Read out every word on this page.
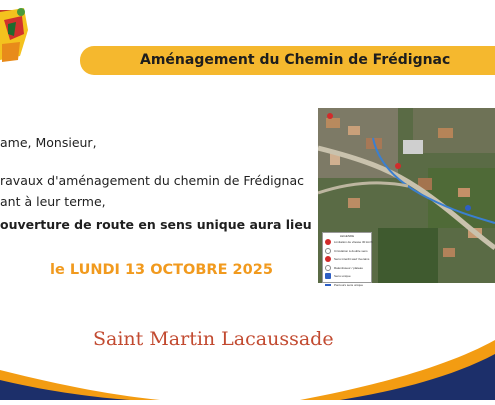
Aménagement du Chemin de Frédignac
ame, Monsieur,
ravaux d'aménagement du chemin de Frédignac
ant à leur terme,
ouverture de route en sens unique aura lieu
le LUNDI 13 OCTOBRE 2025
Saint Martin Lacaussade
LEGENDE
Limitation de vitesse 30 km/h
Circulation à double sens
Sens interdit sauf riverains
Ralentisseur / plateau
Sens unique
Parcours sens unique
